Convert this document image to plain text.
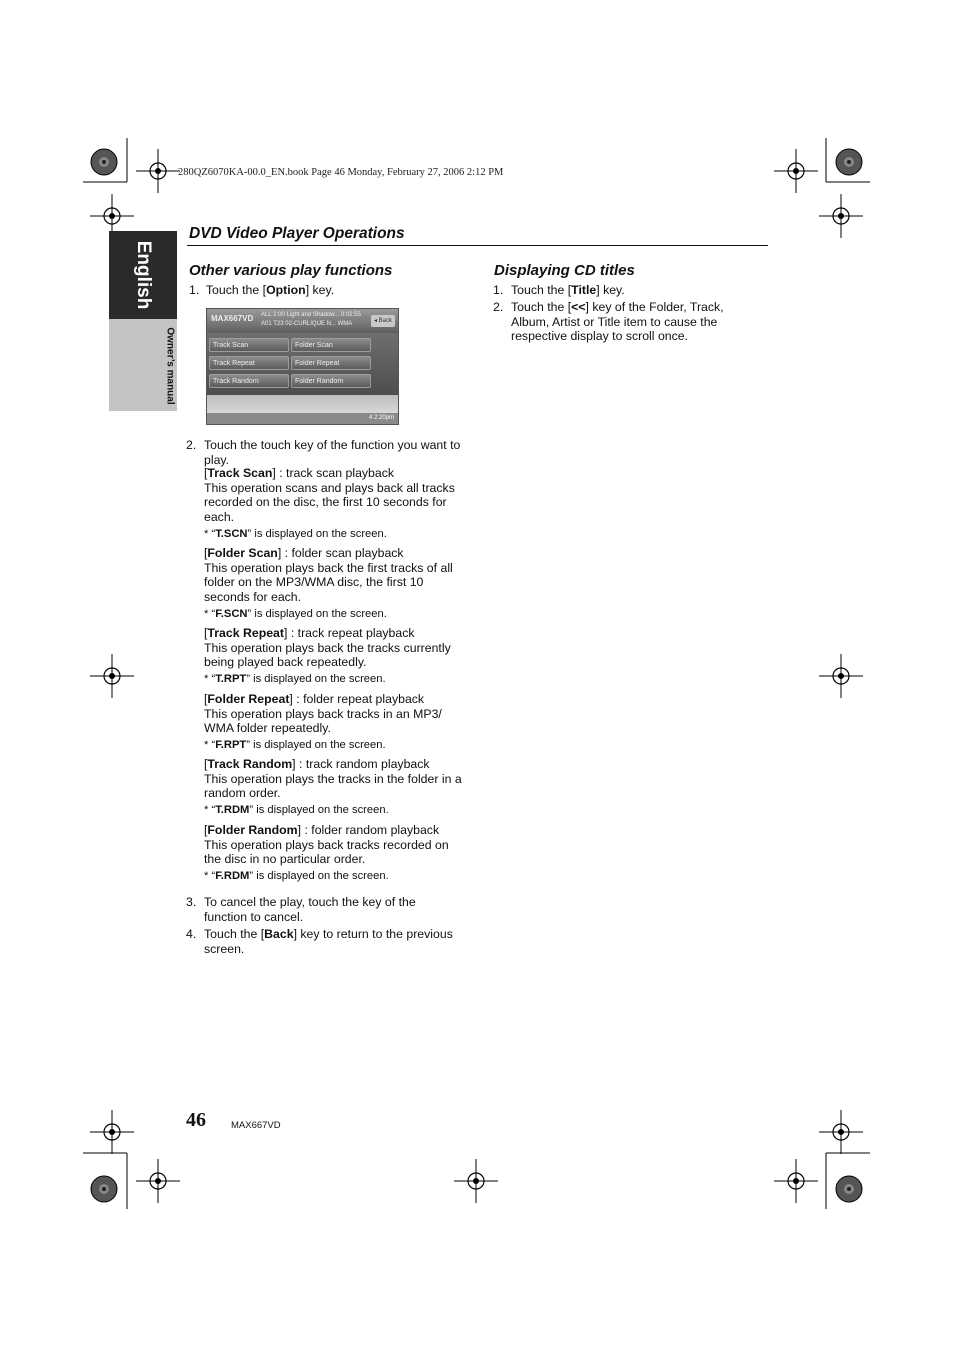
280QZ6070KA-00.0_EN.book Page 46 Monday, February 27, 2006 2:12 PM
English
Owner’s manual
DVD Video Player Operations
Other various play functions
1. Touch the [Option] key.
MAX667VD ALL 1:00 Light and Shadow... 0:02:55
A01 T23 02-CURLIQUE N... WMA	◂ Back
Track Scan	Folder Scan
Track Repeat	Folder Repeat
Track Random	Folder Random
4 2:20pm
2. Touch the touch key of the function you want to play.
[Track Scan] : track scan playback
This operation scans and plays back all tracks recorded on the disc, the first 10 seconds for each.
* “T.SCN” is displayed on the screen.
[Folder Scan] : folder scan playback
This operation plays back the first tracks of all folder on the MP3/WMA disc, the first 10 seconds for each.
* “F.SCN” is displayed on the screen.
[Track Repeat] : track repeat playback
This operation plays back the tracks currently being played back repeatedly.
* “T.RPT” is displayed on the screen.
[Folder Repeat] : folder repeat playback
This operation plays back tracks in an MP3/ WMA folder repeatedly.
* “F.RPT” is displayed on the screen.
[Track Random] : track random playback
This operation plays the tracks in the folder in a random order.
* “T.RDM” is displayed on the screen.
[Folder Random] : folder random playback
This operation plays back tracks recorded on the disc in no particular order.
* “F.RDM” is displayed on the screen.
3. To cancel the play, touch the key of the function to cancel.
4. Touch the [Back] key to return to the previous screen.
Displaying CD titles
1. Touch the [Title] key.
2. Touch the [<<] key of the Folder, Track, Album, Artist or Title item to cause the respective display to scroll once.
46	MAX667VD
